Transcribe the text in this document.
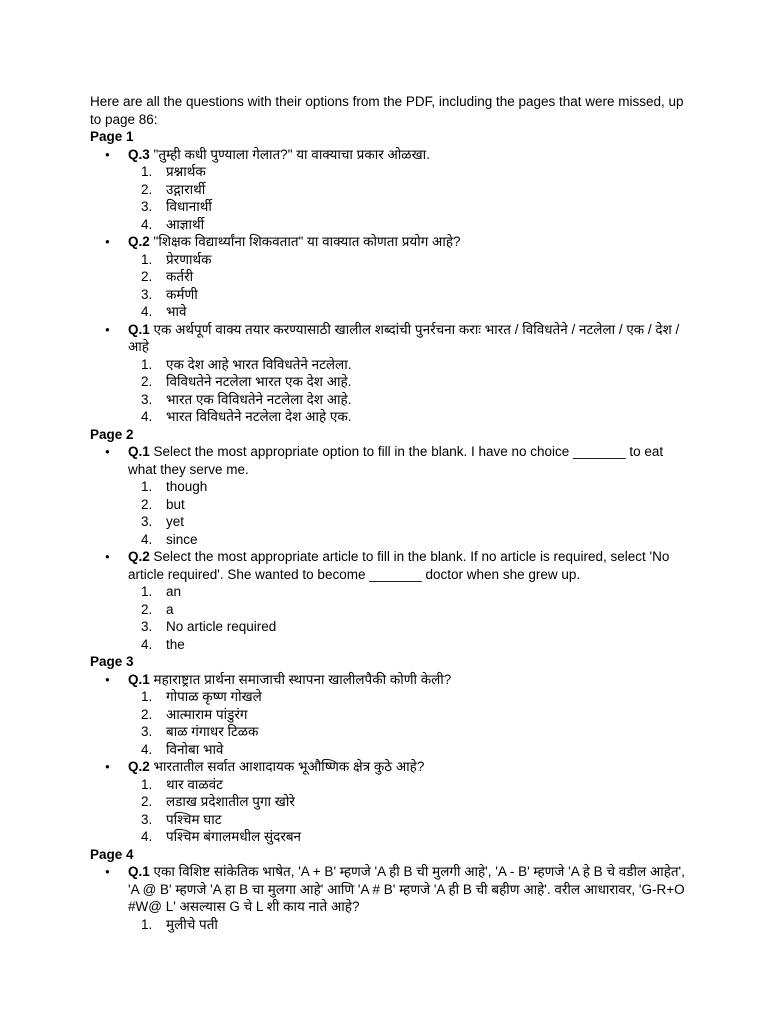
Here are all the questions with their options from the PDF, including the pages that were missed, up to page 86:

Page 1
● Q.3 "तुम्ही कधी पुण्याला गेलात?" या वाक्याचा प्रकार ओळखा.
1.	प्रश्नार्थक
2.	उद्गारार्थी
3.	विधानार्थी
4.	आज्ञार्थी
● Q.2 "शिक्षक विद्यार्थ्यांना शिकवतात" या वाक्यात कोणता प्रयोग आहे?
1.	प्रेरणार्थक
2.	कर्तरी
3.	कर्मणी
4.	भावे
● Q.1 एक अर्थपूर्ण वाक्य तयार करण्यासाठी खालील शब्दांची पुनर्रचना कराः भारत / विविधतेने / नटलेला / एक / देश / आहे
1.	एक देश आहे भारत विविधतेने नटलेला.
2.	विविधतेने नटलेला भारत एक देश आहे.
3.	भारत एक विविधतेने नटलेला देश आहे.
4.	भारत विविधतेने नटलेला देश आहे एक.
Page 2
● Q.1 Select the most appropriate option to fill in the blank. I have no choice _______ to eat what they serve me.
1.	though
2.	but
3.	yet
4.	since
● Q.2 Select the most appropriate article to fill in the blank. If no article is required, select 'No article required'. She wanted to become _______ doctor when she grew up.
1.	an
2.	a
3.	No article required
4.	the
Page 3
● Q.1 महाराष्ट्रात प्रार्थना समाजाची स्थापना खालीलपैकी कोणी केली?
1.	गोपाळ कृष्ण गोखले
2.	आत्माराम पांडुरंग
3.	बाळ गंगाधर टिळक
4.	विनोबा भावे
● Q.2 भारतातील सर्वात आशादायक भूऔष्णिक क्षेत्र कुठे आहे?
1.	थार वाळवंट
2.	लडाख प्रदेशातील पुगा खोरे
3.	पश्चिम घाट
4.	पश्चिम बंगालमधील सुंदरबन
Page 4
● Q.1 एका विशिष्ट सांकेतिक भाषेत, 'A + B' म्हणजे 'A ही B ची मुलगी आहे', 'A - B' म्हणजे 'A हे B चे वडील आहेत', 'A @ B' म्हणजे 'A हा B चा मुलगा आहे' आणि 'A # B' म्हणजे 'A ही B ची बहीण आहे'. वरील आधारावर, 'G-R+O #W@ L' असल्यास G चे L शी काय नाते आहे?
1.	मुलीचे पती
